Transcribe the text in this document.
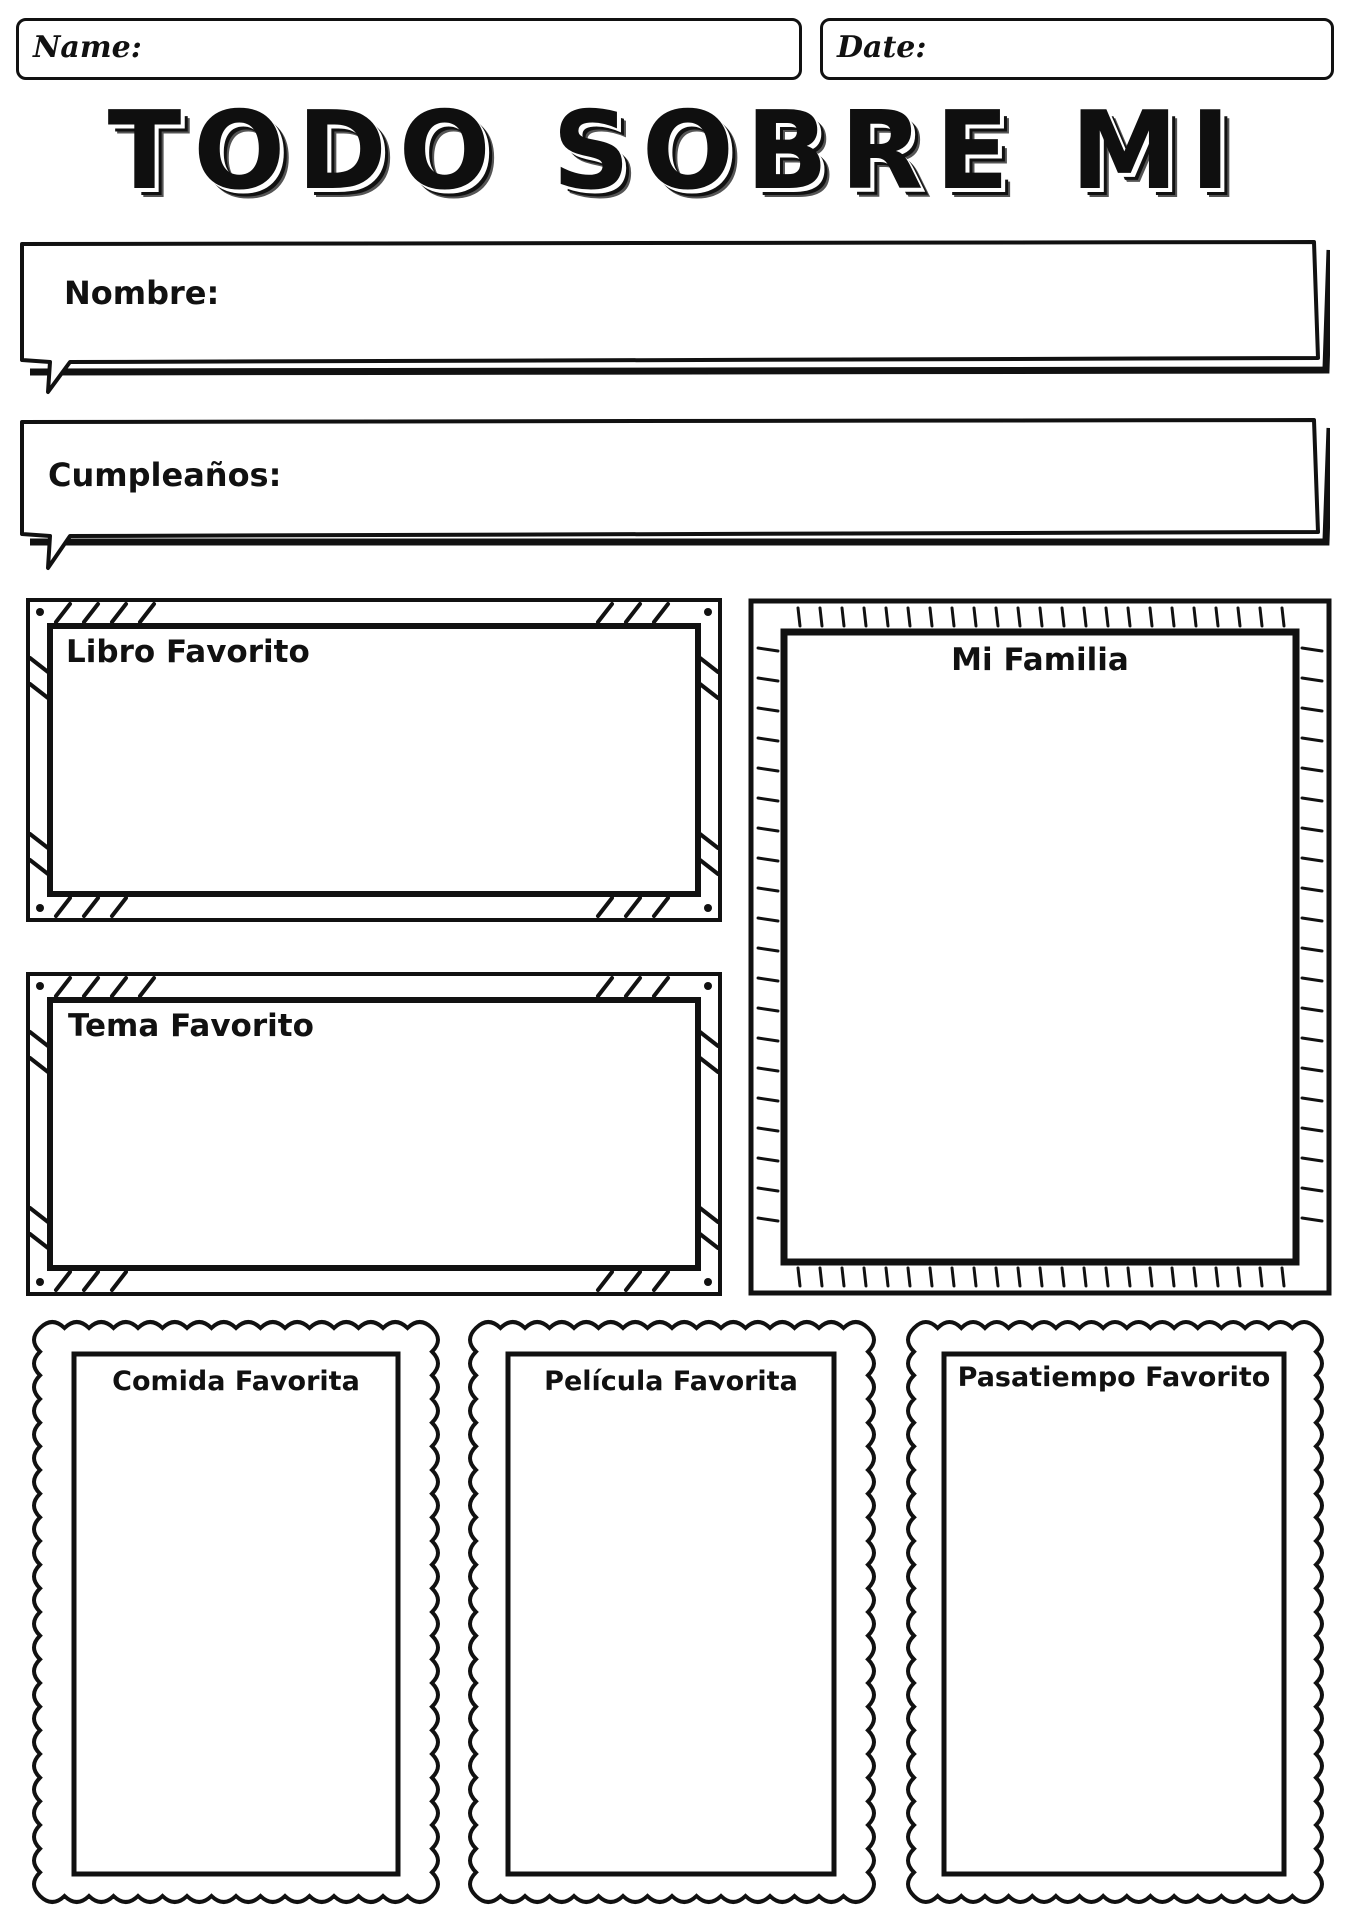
Name:	Date:
TODO SOBRE MI
Nombre:
Cumpleaños:
Libro Favorito
Tema Favorito
Mi Familia
Comida Favorita	Película Favorita	Pasatiempo Favorito
